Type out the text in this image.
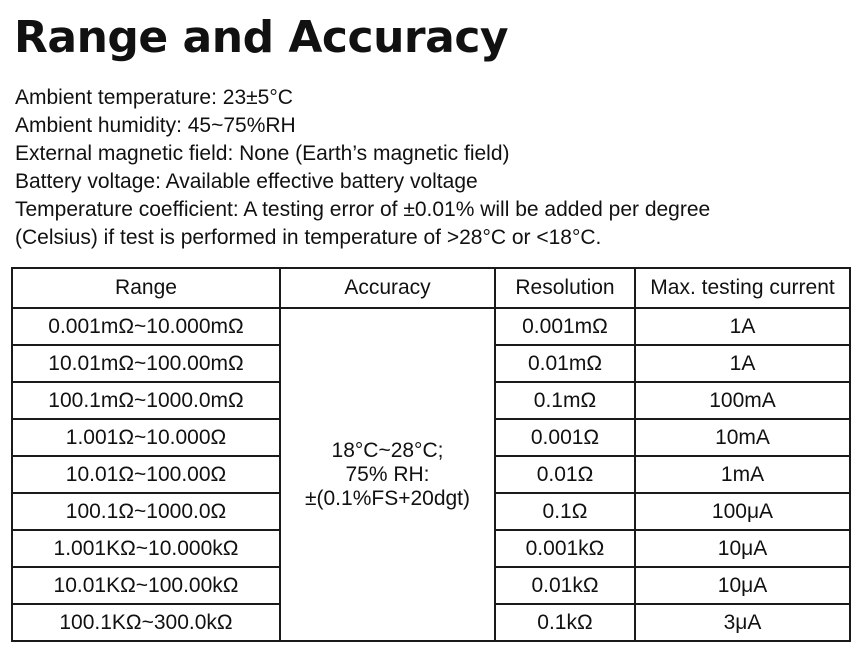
Range and Accuracy
Ambient temperature: 23±5°C
Ambient humidity: 45~75%RH
External magnetic field: None (Earth’s magnetic field)
Battery voltage: Available effective battery voltage
Temperature coefficient: A testing error of ±0.01% will be added per degree
(Celsius) if test is performed in temperature of >28°C or <18°C.
Range	Accuracy	Resolution	Max. testing current
0.001mΩ~10.000mΩ	18°C~28°C;
75% RH:
±(0.1%FS+20dgt)	0.001mΩ	1A
10.01mΩ~100.00mΩ		0.01mΩ	1A
100.1mΩ~1000.0mΩ		0.1mΩ	100mA
1.001Ω~10.000Ω		0.001Ω	10mA
10.01Ω~100.00Ω		0.01Ω	1mA
100.1Ω~1000.0Ω		0.1Ω	100μA
1.001KΩ~10.000kΩ		0.001kΩ	10μA
10.01KΩ~100.00kΩ		0.01kΩ	10μA
100.1KΩ~300.0kΩ		0.1kΩ	3μA
